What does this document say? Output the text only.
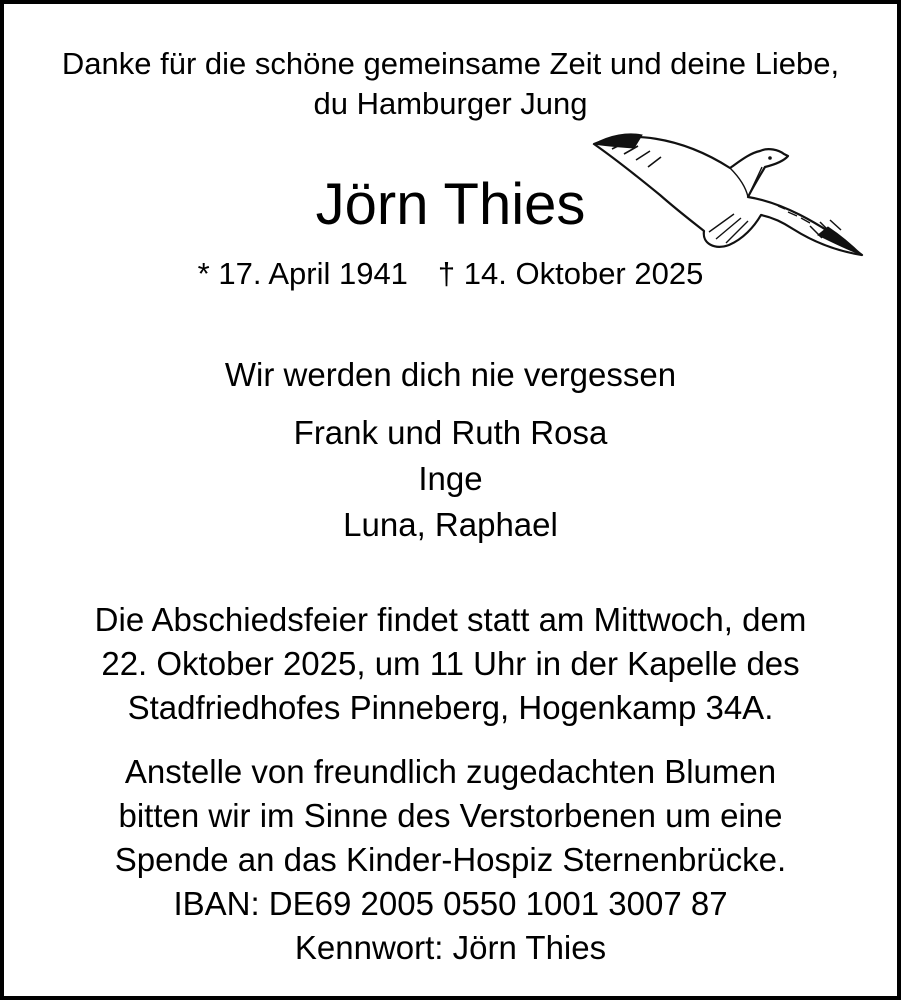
Danke für die schöne gemeinsame Zeit und deine Liebe,
du Hamburger Jung
Jörn Thies
* 17. April 1941 † 14. Oktober 2025
Wir werden dich nie vergessen
Frank und Ruth Rosa
Inge
Luna, Raphael
Die Abschiedsfeier findet statt am Mittwoch, dem
22. Oktober 2025, um 11 Uhr in der Kapelle des
Stadfriedhofes Pinneberg, Hogenkamp 34A.
Anstelle von freundlich zugedachten Blumen
bitten wir im Sinne des Verstorbenen um eine
Spende an das Kinder-Hospiz Sternenbrücke.
IBAN: DE69 2005 0550 1001 3007 87
Kennwort: Jörn Thies
